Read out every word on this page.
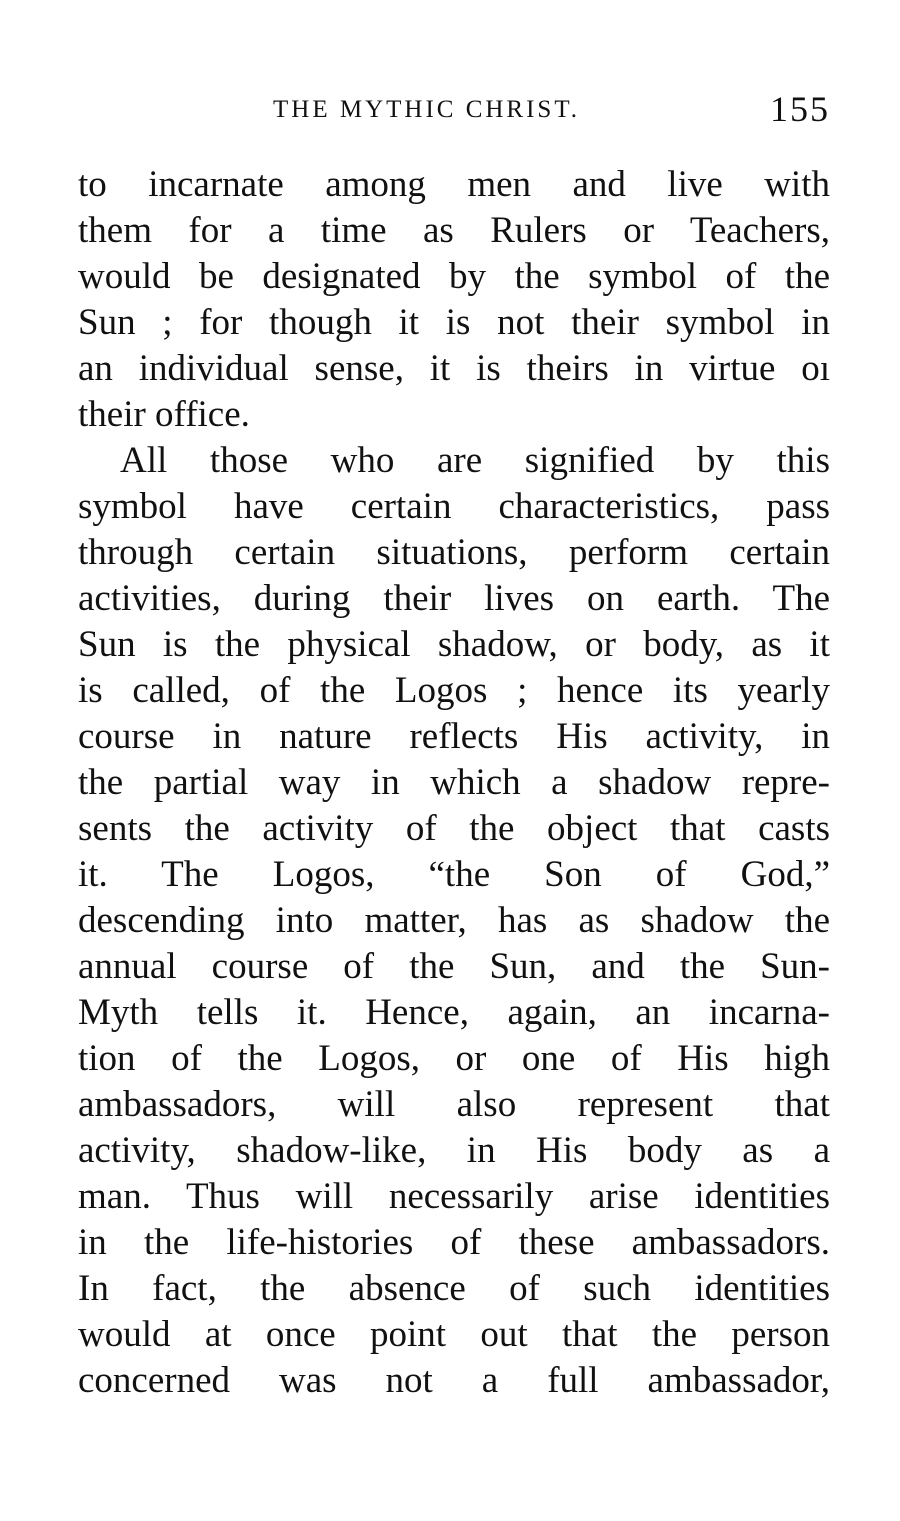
THE MYTHIC CHRIST.	155
to incarnate among men and live with
them for a time as Rulers or Teachers,
would be designated by the symbol of the
Sun ; for though it is not their symbol in
an individual sense, it is theirs in virtue oı
their office.
All those who are signified by this
symbol have certain characteristics, pass
through certain situations, perform certain
activities, during their lives on earth. The
Sun is the physical shadow, or body, as it
is called, of the Logos ; hence its yearly
course in nature reflects His activity, in
the partial way in which a shadow repre-
sents the activity of the object that casts
it. The Logos, “the Son of God,”
descending into matter, has as shadow the
annual course of the Sun, and the Sun-
Myth tells it. Hence, again, an incarna-
tion of the Logos, or one of His high
ambassadors, will also represent that
activity, shadow-like, in His body as a
man. Thus will necessarily arise identities
in the life-histories of these ambassadors.
In fact, the absence of such identities
would at once point out that the person
concerned was not a full ambassador,
